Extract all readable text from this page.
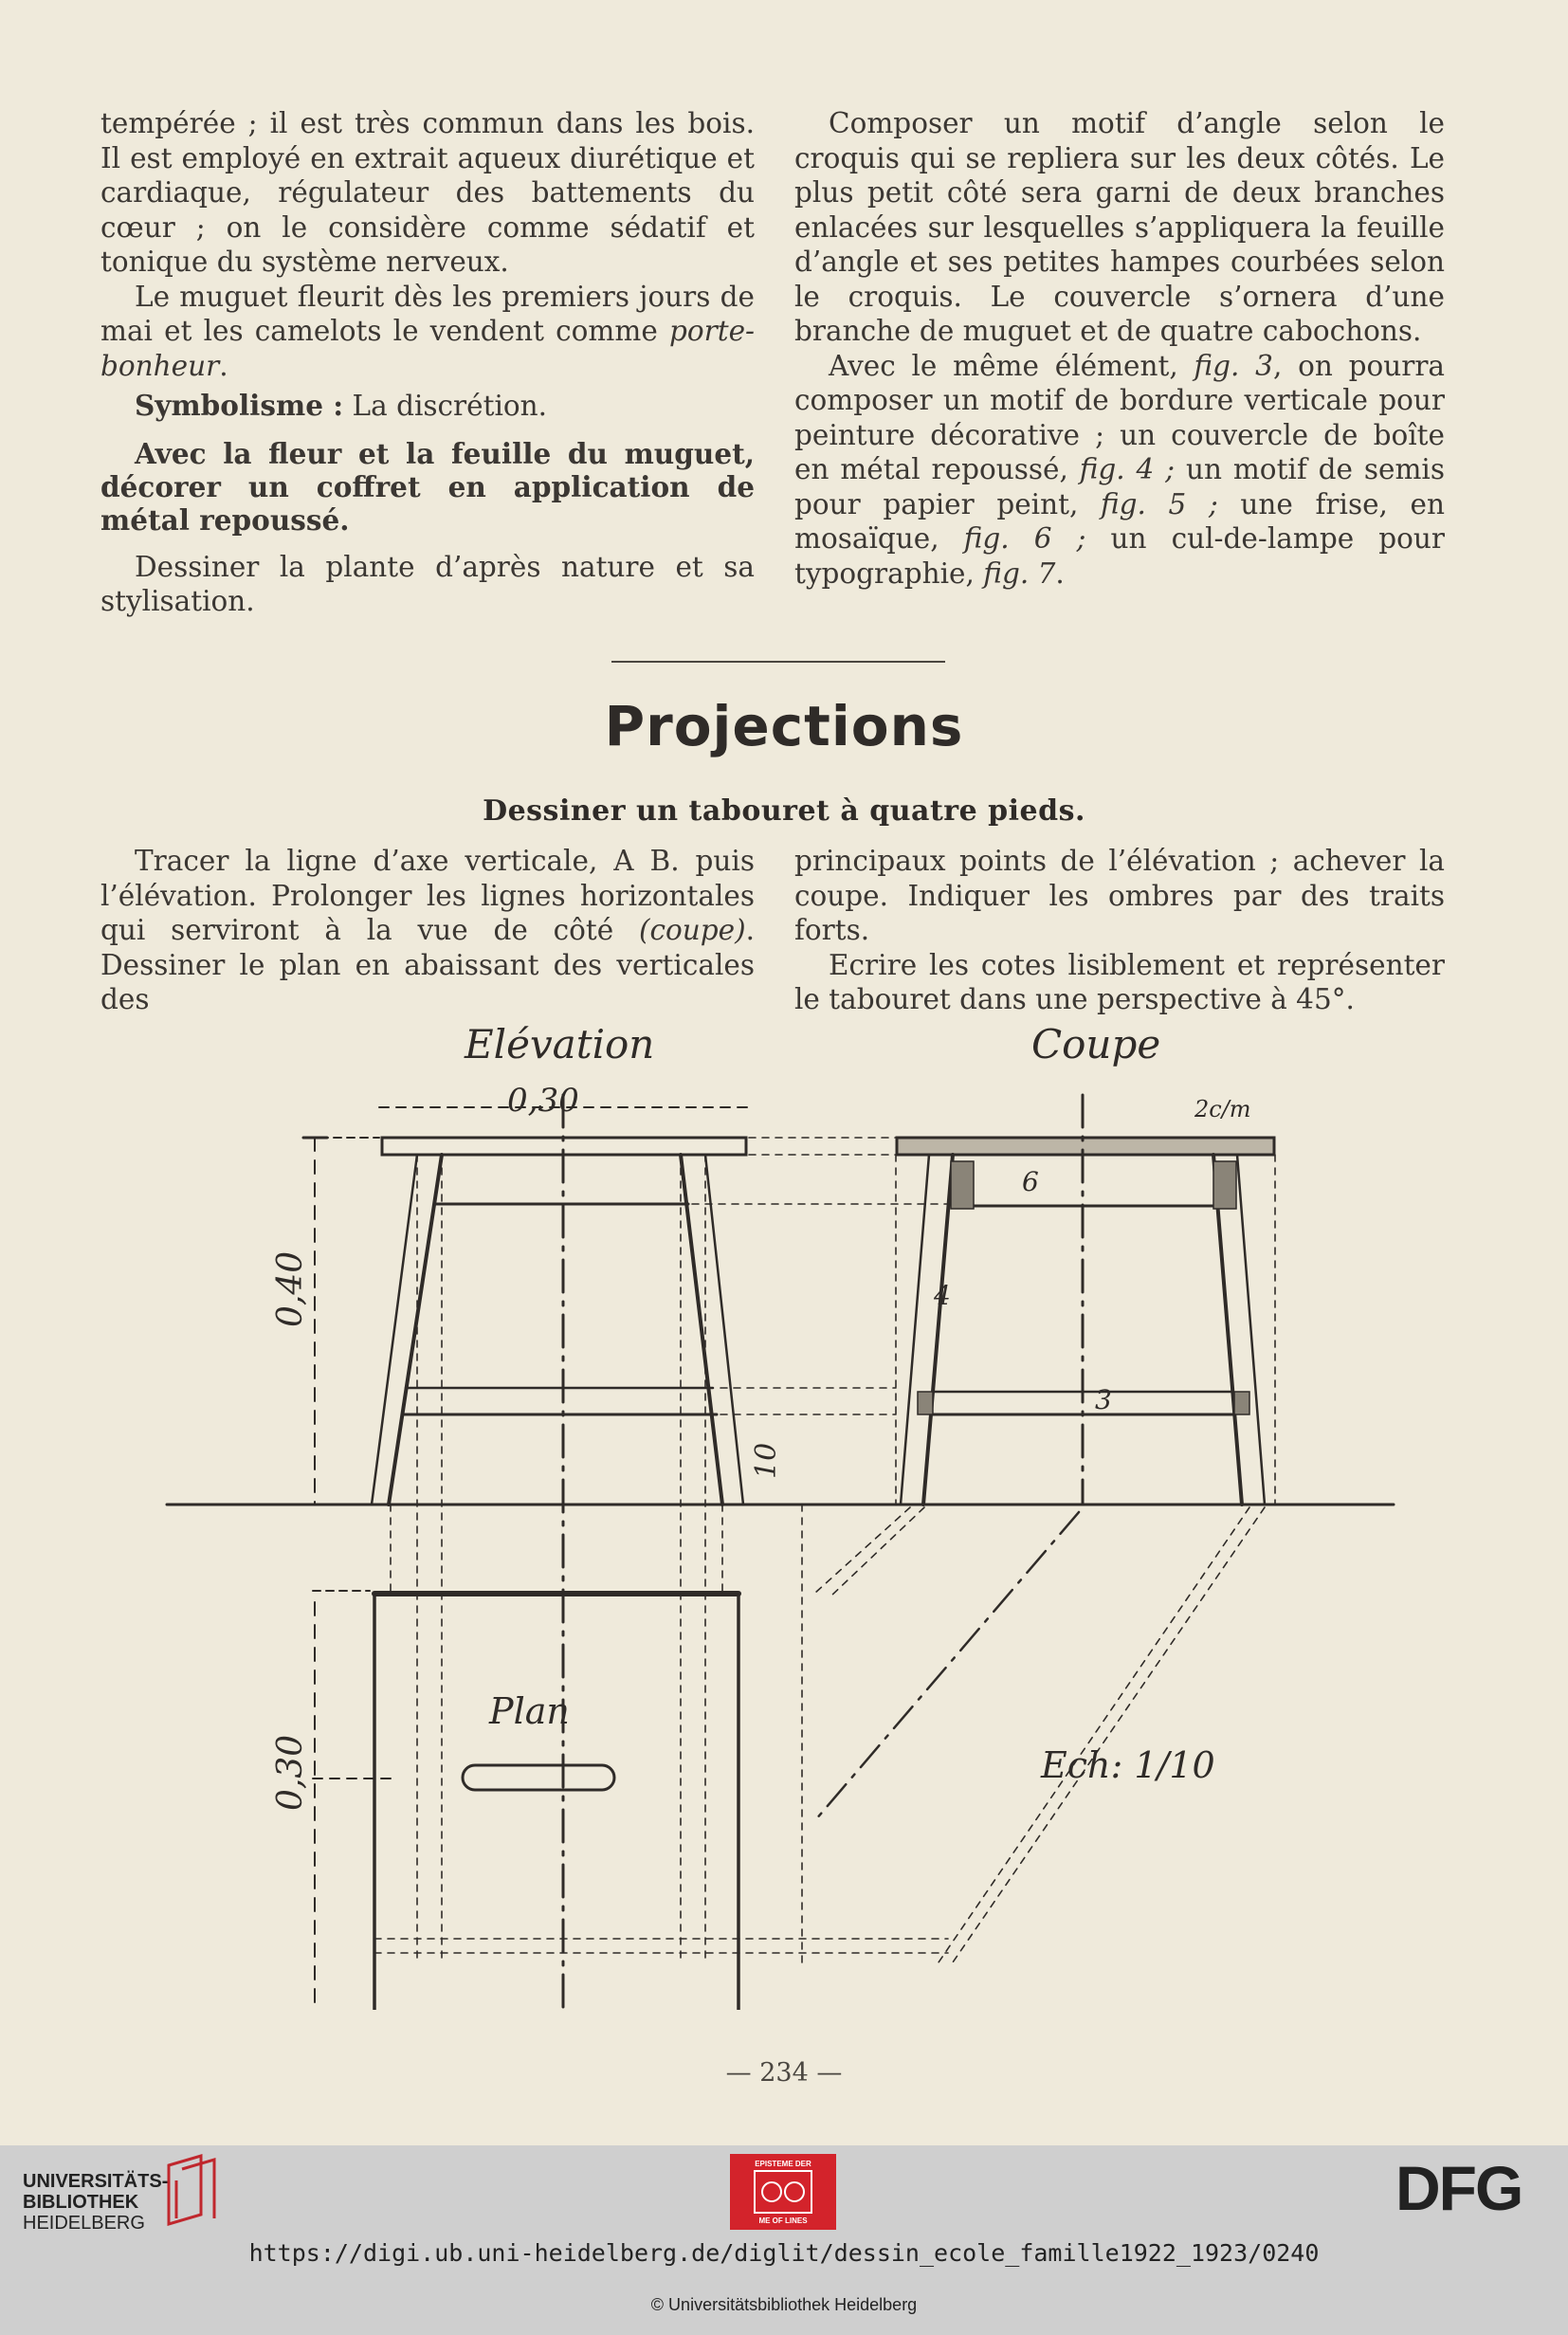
tempérée ; il est très commun dans les bois. Il est employé en extrait aqueux diurétique et cardiaque, régulateur des battements du cœur ; on le considère comme sédatif et tonique du système nerveux.

Le muguet fleurit dès les premiers jours de mai et les camelots le vendent comme porte-bonheur.

Symbolisme : La discrétion.

Avec la fleur et la feuille du muguet, décorer un coffret en application de métal repoussé.

Dessiner la plante d’après nature et sa stylisation.

Composer un motif d’angle selon le croquis qui se repliera sur les deux côtés. Le plus petit côté sera garni de deux branches enlacées sur lesquelles s’appliquera la feuille d’angle et ses petites hampes courbées selon le croquis. Le couvercle s’ornera d’une branche de muguet et de quatre cabochons.

Avec le même élément, fig. 3, on pourra composer un motif de bordure verticale pour peinture décorative ; un couvercle de boîte en métal repoussé, fig. 4 ; un motif de semis pour papier peint, fig. 5 ; une frise, en mosaïque, fig. 6 ; un cul-de-lampe pour typographie, fig. 7.

Projections
Dessiner un tabouret à quatre pieds.

Tracer la ligne d’axe verticale, A B. puis l’élévation. Prolonger les lignes horizontales qui serviront à la vue de côté (coupe). Dessiner le plan en abaissant des verticales des

principaux points de l’élévation ; achever la coupe. Indiquer les ombres par des traits forts.

Ecrire les cotes lisiblement et représenter le tabouret dans une perspective à 45°.

Elévation	Coupe
Plan
0,30
0,40
10
2c/m
6
4
3
0,30	Ech: 1/10
— 234 —
UNIVERSITÄTS-
BIBLIOTHEK
HEIDELBERG
EPISTEME DER
ME OF LINES	DFG
https://digi.ub.uni-heidelberg.de/diglit/dessin_ecole_famille1922_1923/0240
© Universitätsbibliothek Heidelberg
